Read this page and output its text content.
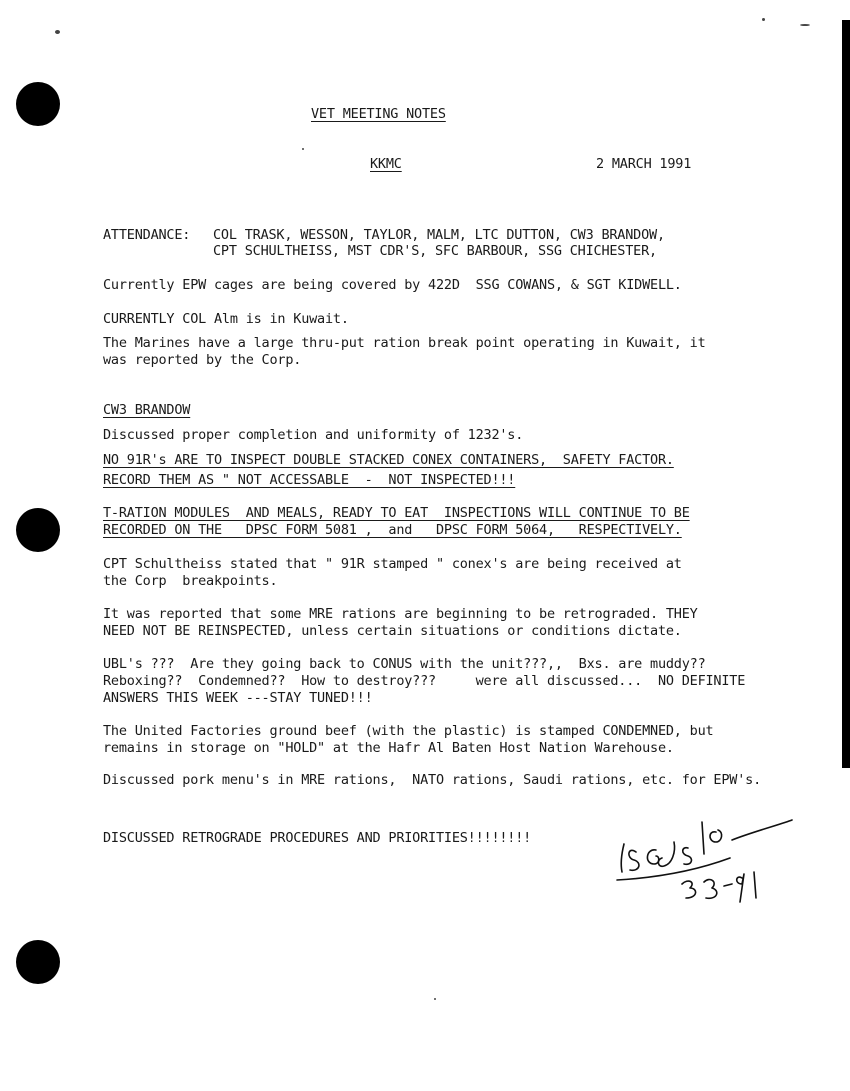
VET MEETING NOTES
KKMC	2 MARCH 1991
ATTENDANCE: COL TRASK, WESSON, TAYLOR, MALM, LTC DUTTON, CW3 BRANDOW,
CPT SCHULTHEISS, MST CDR'S, SFC BARBOUR, SSG CHICHESTER,
Currently EPW cages are being covered by 422D  SSG COWANS, & SGT KIDWELL.
CURRENTLY COL Alm is in Kuwait.
The Marines have a large thru-put ration break point operating in Kuwait, it
was reported by the Corp.
CW3 BRANDOW
Discussed proper completion and uniformity of 1232's.
NO 91R's ARE TO INSPECT DOUBLE STACKED CONEX CONTAINERS,  SAFETY FACTOR.
RECORD THEM AS " NOT ACCESSABLE  -  NOT INSPECTED!!!
T-RATION MODULES  AND MEALS, READY TO EAT  INSPECTIONS WILL CONTINUE TO BE
RECORDED ON THE   DPSC FORM 5081 ,  and   DPSC FORM 5064,   RESPECTIVELY.
CPT Schultheiss stated that " 91R stamped " conex's are being received at
the Corp  breakpoints.
It was reported that some MRE rations are beginning to be retrograded. THEY
NEED NOT BE REINSPECTED, unless certain situations or conditions dictate.
UBL's ???  Are they going back to CONUS with the unit???,,  Bxs. are muddy??
Reboxing??  Condemned??  How to destroy???     were all discussed...  NO DEFINITE
ANSWERS THIS WEEK ---STAY TUNED!!!
The United Factories ground beef (with the plastic) is stamped CONDEMNED, but
remains in storage on "HOLD" at the Hafr Al Baten Host Nation Warehouse.
Discussed pork menu's in MRE rations,  NATO rations, Saudi rations, etc. for EPW's.
DISCUSSED RETROGRADE PROCEDURES AND PRIORITIES!!!!!!!!
